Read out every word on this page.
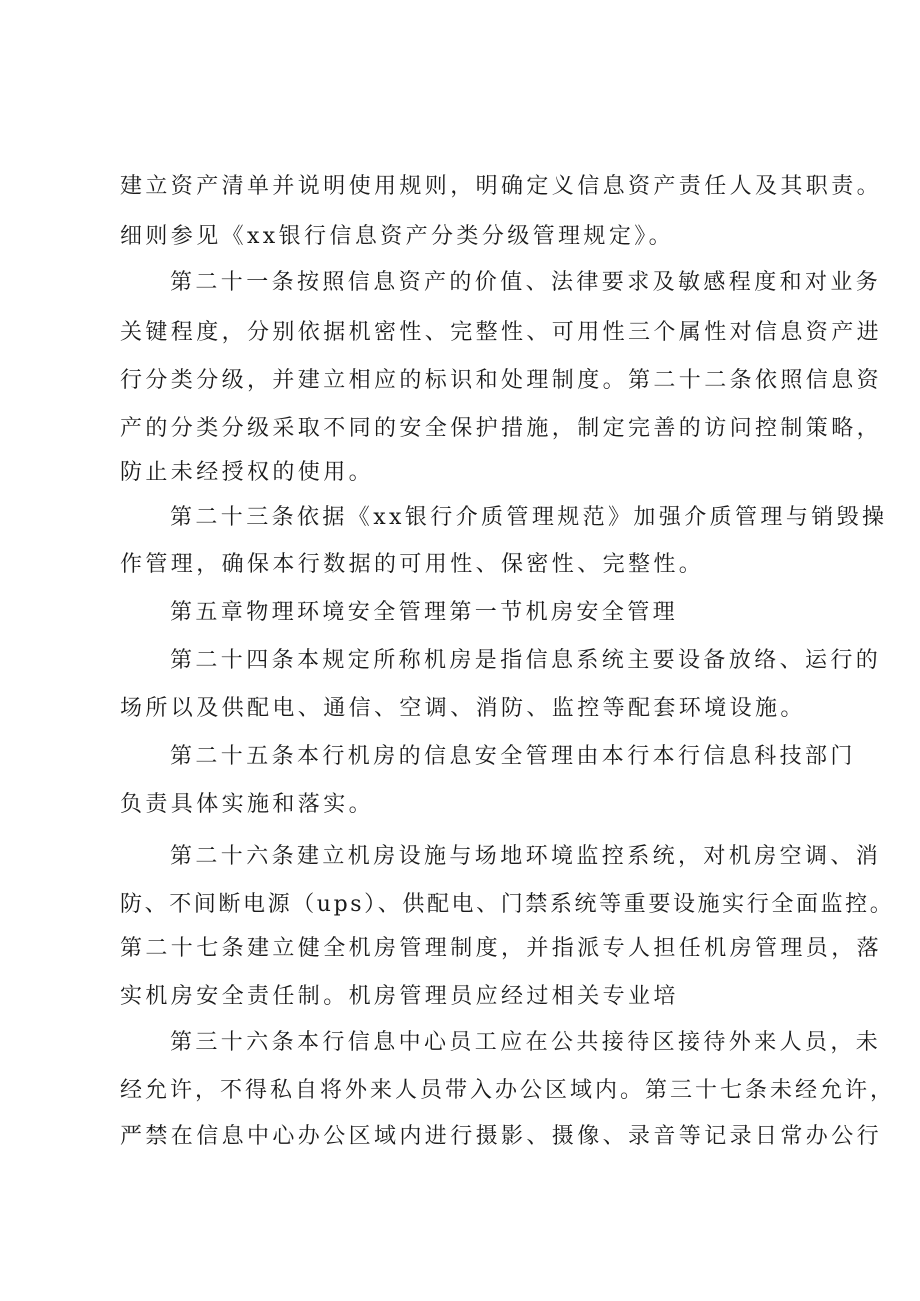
建立资产清单并说明使用规则，明确定义信息资产责任人及其职责。
细则参见《xx银行信息资产分类分级管理规定》。
第二十一条按照信息资产的价值、法律要求及敏感程度和对业务
关键程度，分别依据机密性、完整性、可用性三个属性对信息资产进
行分类分级，并建立相应的标识和处理制度。第二十二条依照信息资
产的分类分级采取不同的安全保护措施，制定完善的访问控制策略，
防止未经授权的使用。
第二十三条依据《xx银行介质管理规范》加强介质管理与销毁操
作管理，确保本行数据的可用性、保密性、完整性。
第五章物理环境安全管理第一节机房安全管理
第二十四条本规定所称机房是指信息系统主要设备放络、运行的
场所以及供配电、通信、空调、消防、监控等配套环境设施。
第二十五条本行机房的信息安全管理由本行本行信息科技部门
负责具体实施和落实。
第二十六条建立机房设施与场地环境监控系统，对机房空调、消
防、不间断电源（ups）、供配电、门禁系统等重要设施实行全面监控。
第二十七条建立健全机房管理制度，并指派专人担任机房管理员，落
实机房安全责任制。机房管理员应经过相关专业培
第三十六条本行信息中心员工应在公共接待区接待外来人员，未
经允许，不得私自将外来人员带入办公区域内。第三十七条未经允许，
严禁在信息中心办公区域内进行摄影、摄像、录音等记录日常办公行
